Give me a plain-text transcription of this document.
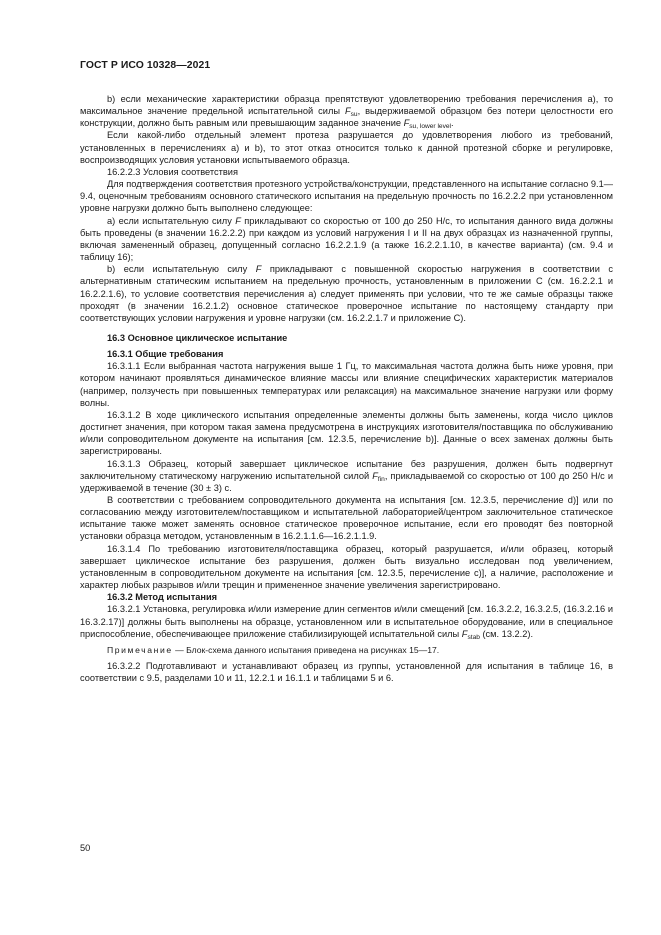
ГОСТ Р ИСО 10328—2021

b) если механические характеристики образца препятствуют удовлетворению требования перечисления а), то максимальное значение предельной испытательной силы $F_{su}$, выдерживаемой образцом без потери целостности его конструкции, должно быть равным или превышающим заданное значение $F_{su, lower level}$.

Если какой-либо отдельный элемент протеза разрушается до удовлетворения любого из требований, установленных в перечислениях а) и b), то этот отказ относится только к данной протезной сборке и регулировке, воспроизводящих условия установки испытываемого образца.

16.2.2.3 Условия соответствия

Для подтверждения соответствия протезного устройства/конструкции, представленного на испытание согласно 9.1—9.4, оценочным требованиям основного статического испытания на предельную прочность по 16.2.2.2 при установленном уровне нагрузки должно быть выполнено следующее:

а) если испытательную силу F прикладывают со скоростью от 100 до 250 Н/с, то испытания данного вида должны быть проведены (в значении 16.2.2.2) при каждом из условий нагружения I и II на двух образцах из назначенной группы, включая замененный образец, допущенный согласно 16.2.2.1.9 (а также 16.2.2.1.10, в качестве варианта) (см. 9.4 и таблицу 16);

b) если испытательную силу F прикладывают с повышенной скоростью нагружения в соответствии с альтернативным статическим испытанием на предельную прочность, установленным в приложении С (см. 16.2.2.1 и 16.2.2.1.6), то условие соответствия перечисления а) следует применять при условии, что те же самые образцы также проходят (в значении 16.2.1.2) основное статическое проверочное испытание по настоящему стандарту при соответствующих условии нагружения и уровне нагрузки (см. 16.2.2.1.7 и приложение С).

16.3 Основное циклическое испытание

16.3.1 Общие требования

16.3.1.1 Если выбранная частота нагружения выше 1 Гц, то максимальная частота должна быть ниже уровня, при котором начинают проявляться динамическое влияние массы или влияние специфических характеристик материалов (например, ползучесть при повышенных температурах или релаксация) на максимальное значение нагрузки или форму волны.

16.3.1.2 В ходе циклического испытания определенные элементы должны быть заменены, когда число циклов достигнет значения, при котором такая замена предусмотрена в инструкциях изготовителя/поставщика по обслуживанию и/или сопроводительном документе на испытания [см. 12.3.5, перечисление b)]. Данные о всех заменах должны быть зарегистрированы.

16.3.1.3 Образец, который завершает циклическое испытание без разрушения, должен быть подвергнут заключительному статическому нагружению испытательной силой $F_{fin}$, прикладываемой со скоростью от 100 до 250 Н/с и удерживаемой в течение (30 ± 3) с.

В соответствии с требованием сопроводительного документа на испытания [см. 12.3.5, перечисление d)] или по согласованию между изготовителем/поставщиком и испытательной лабораторией/центром заключительное статическое испытание также может заменять основное статическое проверочное испытание, если его проводят без повторной установки образца методом, установленным в 16.2.1.1.6—16.2.1.1.9.

16.3.1.4 По требованию изготовителя/поставщика образец, который разрушается, и/или образец, который завершает циклическое испытание без разрушения, должен быть визуально исследован под увеличением, установленным в сопроводительном документе на испытания [см. 12.3.5, перечисление c)], а наличие, расположение и характер любых разрывов и/или трещин и примененное значение увеличения зарегистрировано.

16.3.2 Метод испытания

16.3.2.1 Установка, регулировка и/или измерение длин сегментов и/или смещений [см. 16.3.2.2, 16.3.2.5, (16.3.2.16 и 16.3.2.17)] должны быть выполнены на образце, установленном или в испытательное оборудование, или в специальное приспособление, обеспечивающее приложение стабилизирующей испытательной силы $F_{stab}$ (см. 13.2.2).

Примечание — Блок-схема данного испытания приведена на рисунках 15—17.

16.3.2.2 Подготавливают и устанавливают образец из группы, установленной для испытания в таблице 16, в соответствии с 9.5, разделами 10 и 11, 12.2.1 и 16.1.1 и таблицами 5 и 6.

50
